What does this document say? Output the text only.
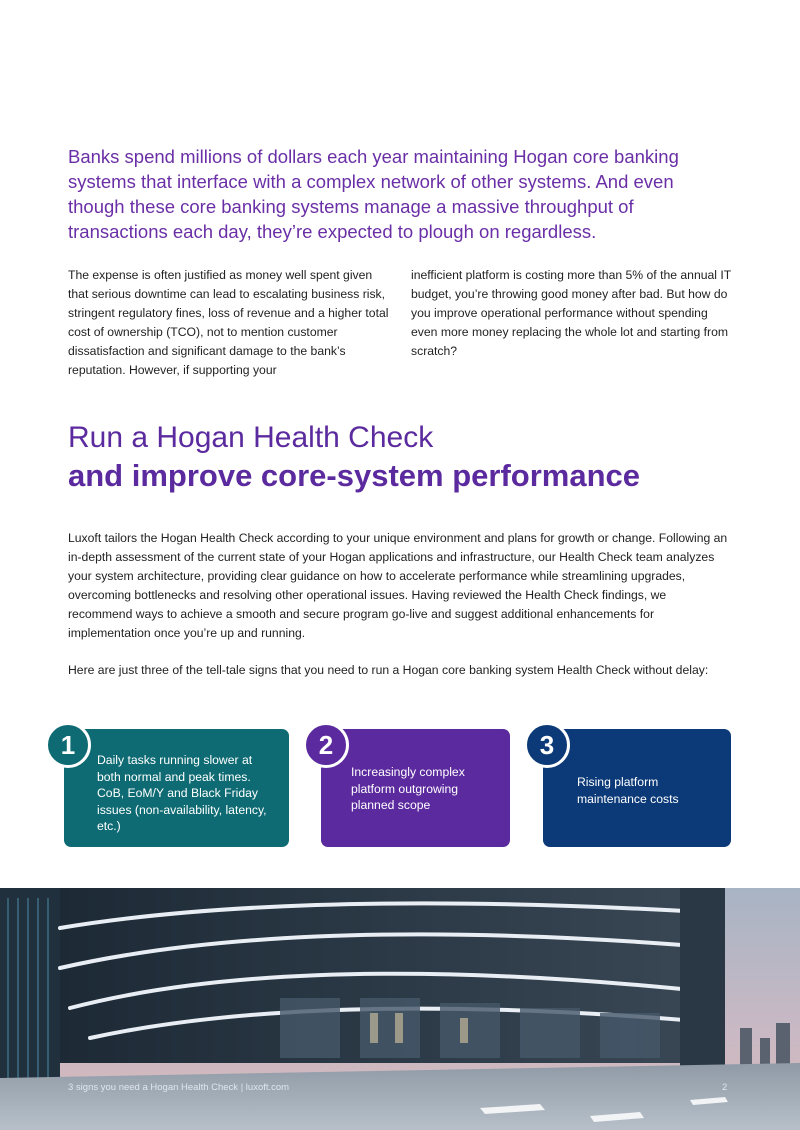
Banks spend millions of dollars each year maintaining Hogan core banking systems that interface with a complex network of other systems. And even though these core banking systems manage a massive throughput of transactions each day, they’re expected to plough on regardless.

The expense is often justified as money well spent given that serious downtime can lead to escalating business risk, stringent regulatory fines, loss of revenue and a higher total cost of ownership (TCO), not to mention customer dissatisfaction and significant damage to the bank’s reputation. However, if supporting your

inefficient platform is costing more than 5% of the annual IT budget, you’re throwing good money after bad. But how do you improve operational performance without spending even more money replacing the whole lot and starting from scratch?

Run a Hogan Health Check
and improve core-system performance

Luxoft tailors the Hogan Health Check according to your unique environment and plans for growth or change. Following an in-depth assessment of the current state of your Hogan applications and infrastructure, our Health Check team analyzes your system architecture, providing clear guidance on how to accelerate performance while streamlining upgrades, overcoming bottlenecks and resolving other operational issues. Having reviewed the Health Check findings, we recommend ways to achieve a smooth and secure program go-live and suggest additional enhancements for implementation once you’re up and running.

Here are just three of the tell-tale signs that you need to run a Hogan core banking system Health Check without delay:

Daily tasks running slower at both normal and peak times. CoB, EoM/Y and Black Friday issues (non-availability, latency, etc.)

1

Increasingly complex platform outgrowing planned scope

2

Rising platform maintenance costs

3
3 signs you need a Hogan Health Check | luxoft.com	2
